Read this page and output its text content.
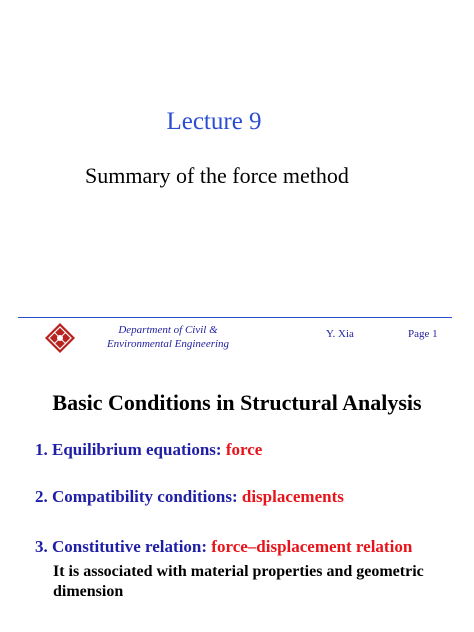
Lecture 9
Summary of the force method
Department of Civil &
Environmental Engineering
Y. Xia	Page 1
Basic Conditions in Structural Analysis
1. Equilibrium equations: force
2. Compatibility conditions: displacements
3. Constitutive relation: force–displacement relation
It is associated with material properties and geometric dimension
